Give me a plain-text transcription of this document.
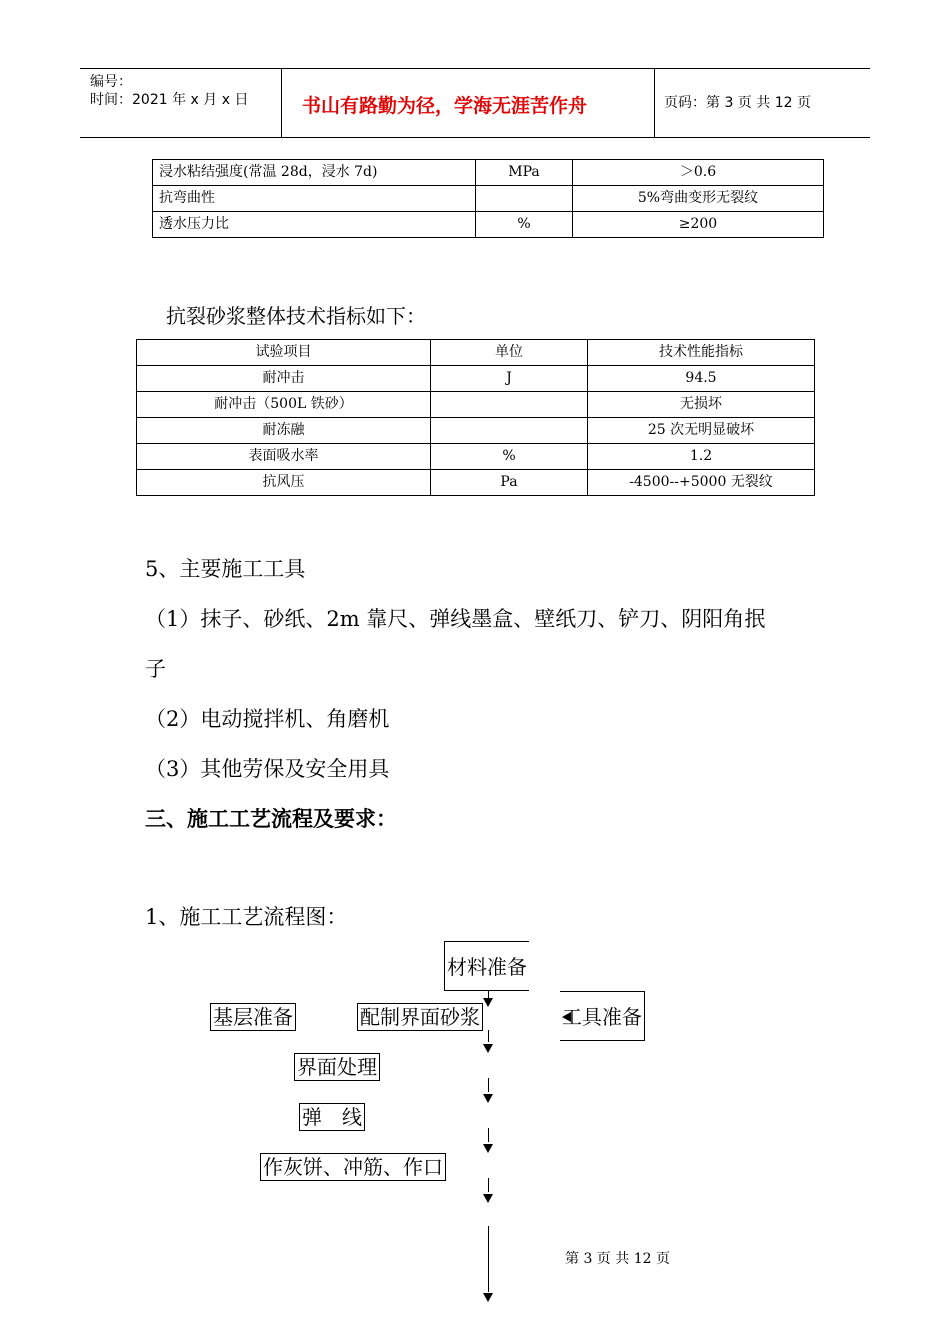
编号：
时间：2021 年 x 月 x 日	书山有路勤为径，学海无涯苦作舟	页码：第 3 页 共 12 页
浸水粘结强度(常温 28d，浸水 7d)	MPa	＞0.6
抗弯曲性		5%弯曲变形无裂纹
透水压力比	%	≥200
抗裂砂浆整体技术指标如下：
试验项目	单位	技术性能指标
耐冲击	J	94.5
耐冲击（500L 铁砂）		无损坏
耐冻融		25 次无明显破坏
表面吸水率	%	1.2
抗风压	Pa	-4500--+5000 无裂纹
5、主要施工工具
（1）抹子、砂纸、2m 靠尺、弹线墨盒、壁纸刀、铲刀、阴阳角抿
子
（2）电动搅拌机、角磨机
（3）其他劳保及安全用具
三、施工工艺流程及要求：
1、施工工艺流程图：
材料准备
基层准备	配制界面砂浆	工具准备
界面处理
弹　线
作灰饼、冲筋、作口
第 3 页 共 12 页
